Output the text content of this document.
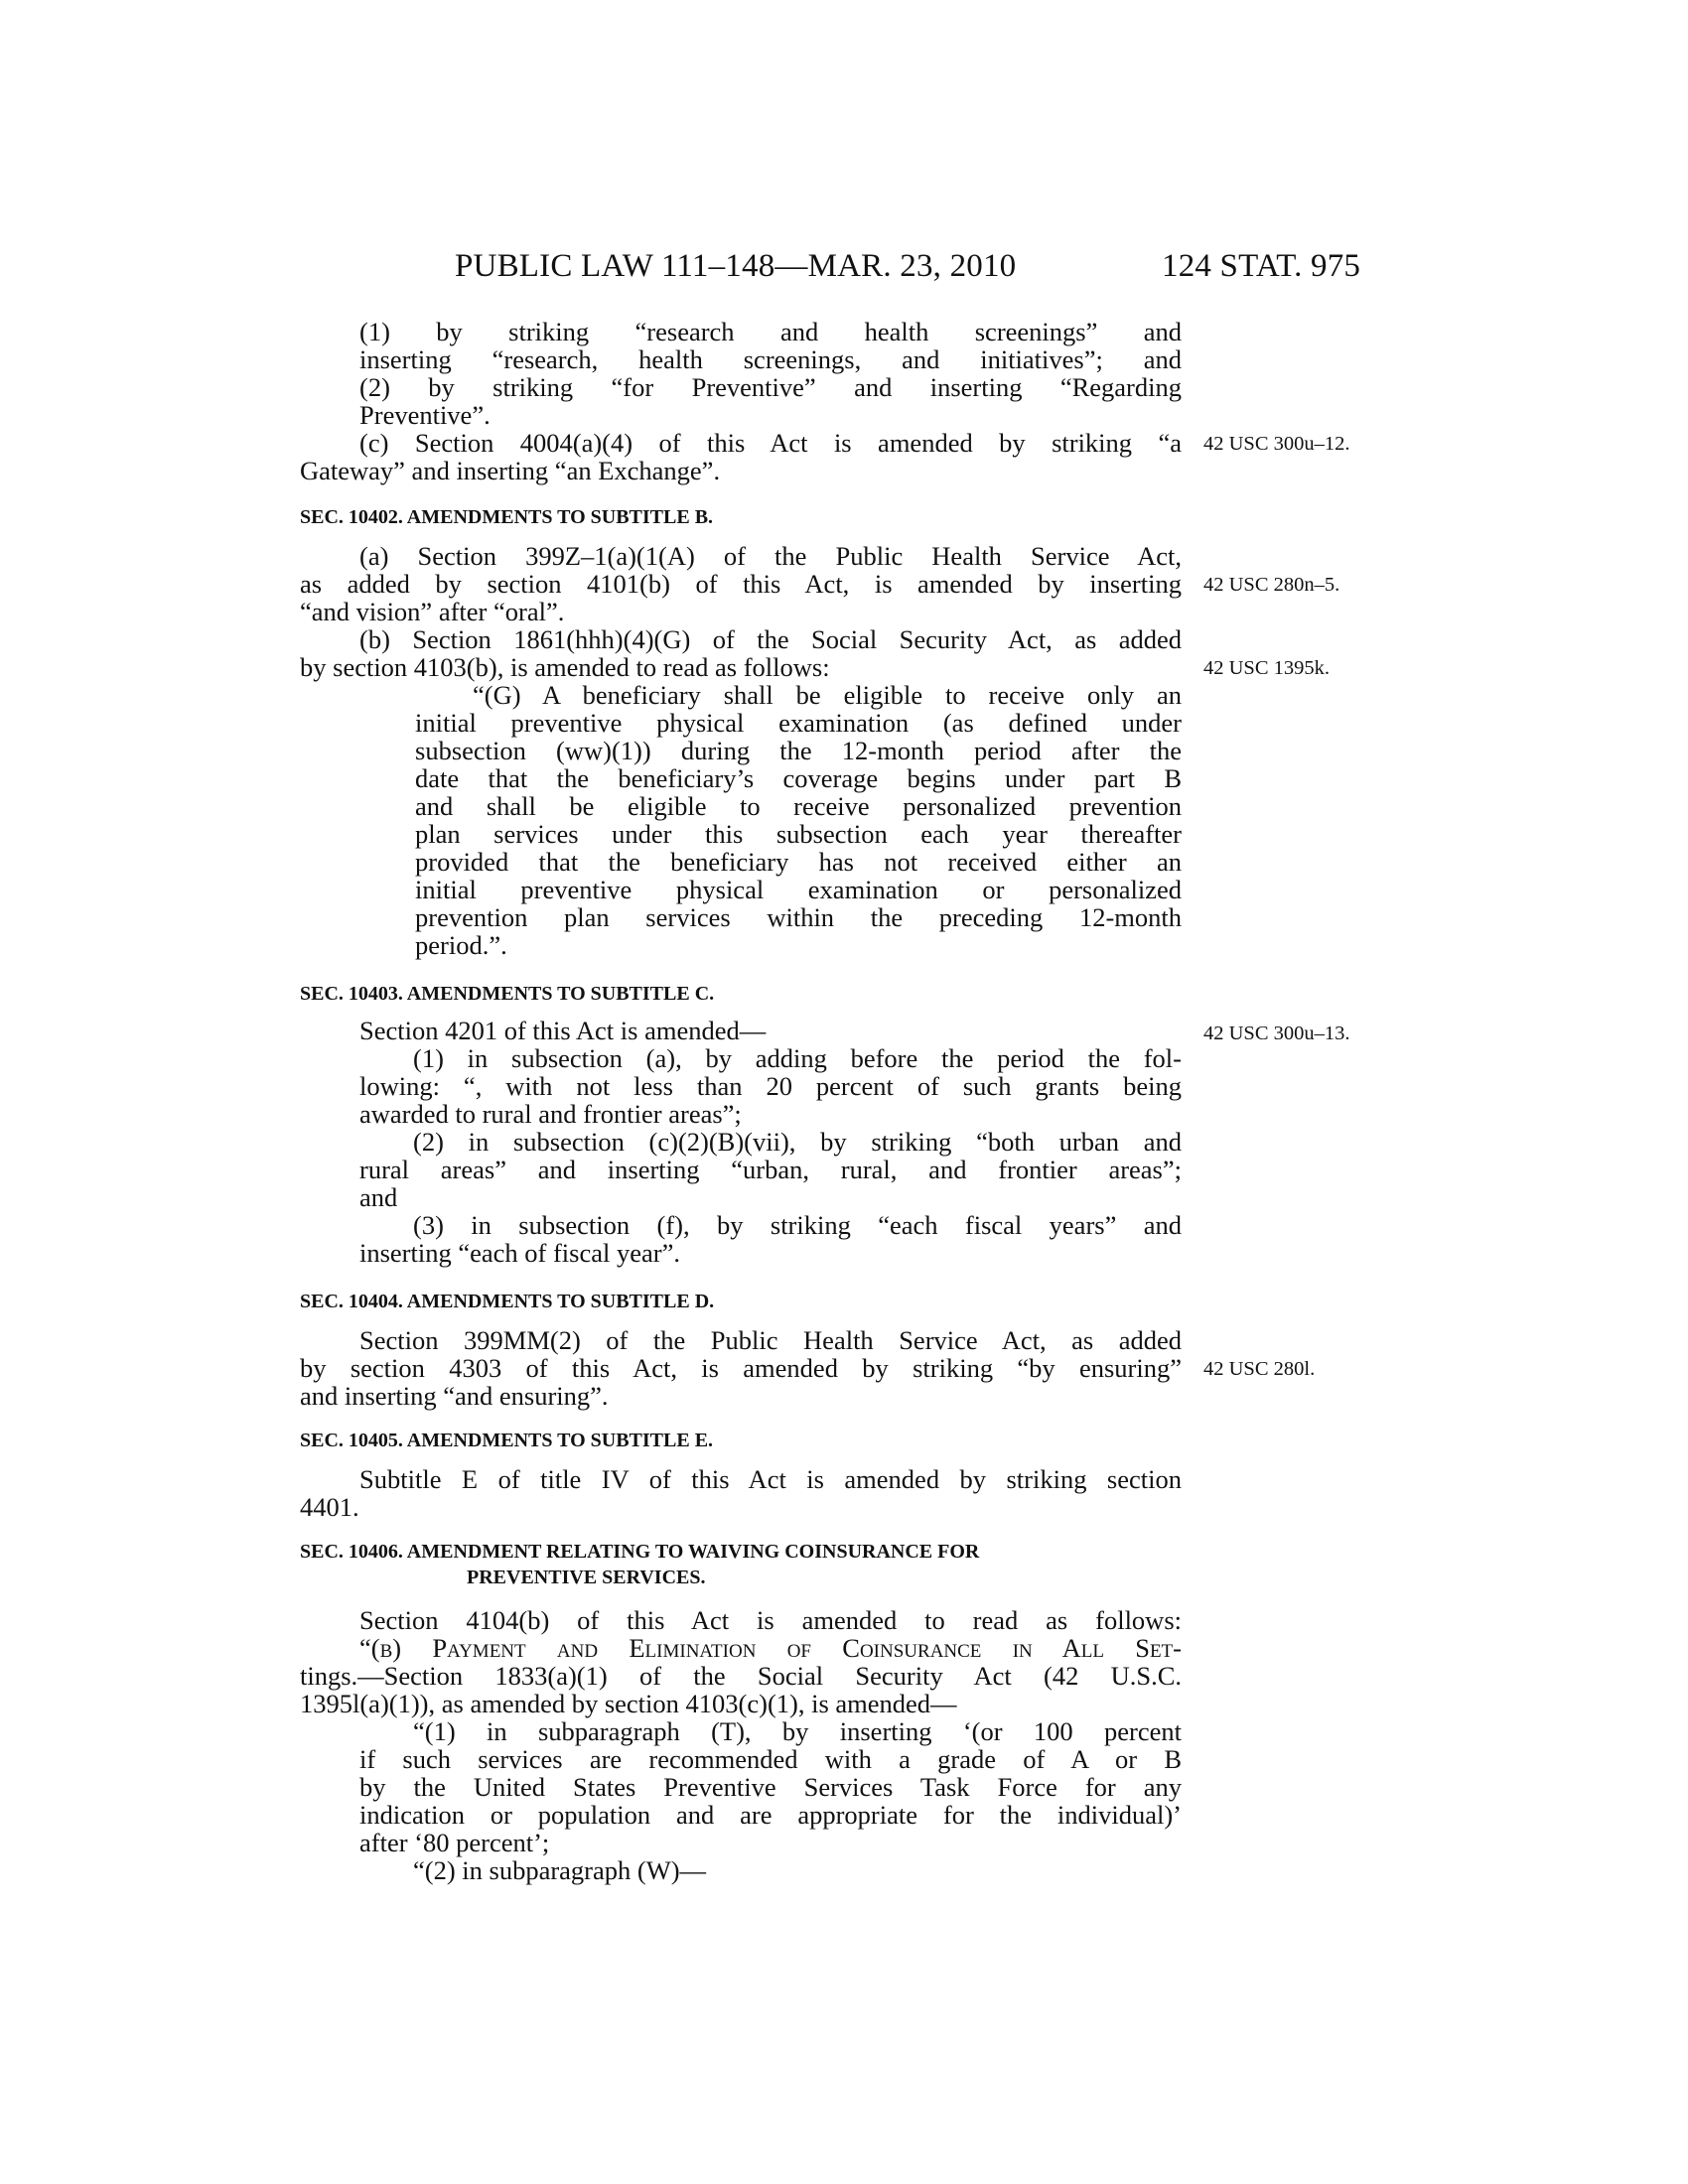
PUBLIC LAW 111–148—MAR. 23, 2010	124 STAT. 975
(1) by striking “research and health screenings” and
inserting “research, health screenings, and initiatives”; and
(2) by striking “for Preventive” and inserting “Regarding
Preventive”.
(c) Section 4004(a)(4) of this Act is amended by striking “a
Gateway” and inserting “an Exchange”.
42 USC 300u–12.
SEC. 10402. AMENDMENTS TO SUBTITLE B.
(a) Section 399Z–1(a)(1(A) of the Public Health Service Act,
as added by section 4101(b) of this Act, is amended by inserting
“and vision” after “oral”.
42 USC 280n–5.
(b) Section 1861(hhh)(4)(G) of the Social Security Act, as added
by section 4103(b), is amended to read as follows:	42 USC 1395k.
“(G) A beneficiary shall be eligible to receive only an
initial preventive physical examination (as defined under
subsection (ww)(1)) during the 12-month period after the
date that the beneficiary’s coverage begins under part B
and shall be eligible to receive personalized prevention
plan services under this subsection each year thereafter
provided that the beneficiary has not received either an
initial preventive physical examination or personalized
prevention plan services within the preceding 12-month
period.”.
SEC. 10403. AMENDMENTS TO SUBTITLE C.
Section 4201 of this Act is amended—
(1) in subsection (a), by adding before the period the fol-
lowing: “, with not less than 20 percent of such grants being
awarded to rural and frontier areas”;
(2) in subsection (c)(2)(B)(vii), by striking “both urban and
rural areas” and inserting “urban, rural, and frontier areas”;
and
(3) in subsection (f), by striking “each fiscal years” and
inserting “each of fiscal year”.
42 USC 300u–13.
SEC. 10404. AMENDMENTS TO SUBTITLE D.
Section 399MM(2) of the Public Health Service Act, as added
by section 4303 of this Act, is amended by striking “by ensuring”
and inserting “and ensuring”.
42 USC 280l.
SEC. 10405. AMENDMENTS TO SUBTITLE E.
Subtitle E of title IV of this Act is amended by striking section
4401.
SEC. 10406. AMENDMENT RELATING TO WAIVING COINSURANCE FOR
PREVENTIVE SERVICES.
Section 4104(b) of this Act is amended to read as follows:
“(b) Payment and Elimination of Coinsurance in All Set-
tings.—Section 1833(a)(1) of the Social Security Act (42 U.S.C.
1395l(a)(1)), as amended by section 4103(c)(1), is amended—
“(1) in subparagraph (T), by inserting ‘(or 100 percent
if such services are recommended with a grade of A or B
by the United States Preventive Services Task Force for any
indication or population and are appropriate for the individual)’
after ‘80 percent’;
“(2) in subparagraph (W)—
